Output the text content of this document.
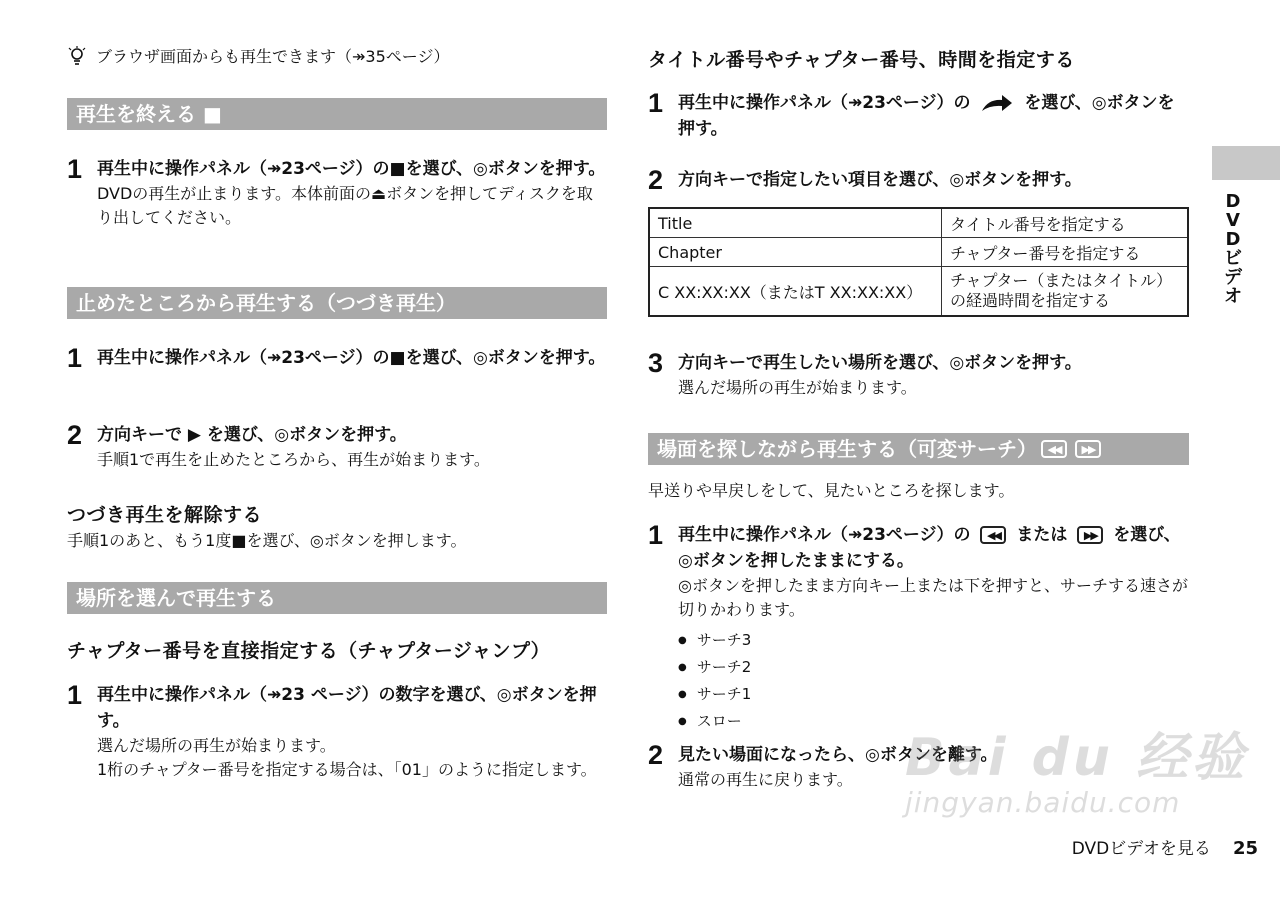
ブラウザ画面からも再生できます（↠35ページ）
再生を終える ■
1 再生中に操作パネル（↠23ページ）の■を選び、◎ボタンを押す。
DVDの再生が止まります。本体前面の⏏ボタンを押してディスクを取り出してください。
止めたところから再生する（つづき再生）
1 再生中に操作パネル（↠23ページ）の■を選び、◎ボタンを押す。
2 方向キーで ▶ を選び、◎ボタンを押す。
手順1で再生を止めたところから、再生が始まります。
つづき再生を解除する
手順1のあと、もう1度■を選び、◎ボタンを押します。
場所を選んで再生する
チャプター番号を直接指定する（チャプタージャンプ）
1 再生中に操作パネル（↠23 ページ）の数字を選び、◎ボタンを押す。
選んだ場所の再生が始まります。
1桁のチャプター番号を指定する場合は、「01」のように指定します。
タイトル番号やチャプター番号、時間を指定する
1 再生中に操作パネル（↠23ページ）の	を選び、◎ボタンを押す。
2 方向キーで指定したい項目を選び、◎ボタンを押す。
Title	タイトル番号を指定する
Chapter	チャプター番号を指定する
C XX:XX:XX（またはT XX:XX:XX）	チャプター（またはタイトル）の経過時間を指定する
3 方向キーで再生したい場所を選び、◎ボタンを押す。
選んだ場所の再生が始まります。
場面を探しながら再生する（可変サーチ） ◀◀	▶▶
早送りや早戻しをして、見たいところを探します。
1 再生中に操作パネル（↠23ページ）の ◀◀ または ▶▶ を選び、◎ボタンを押したままにする。
◎ボタンを押したまま方向キー上または下を押すと、サーチする速さが切りかわります。
● サーチ3
● サーチ2
● サーチ1
● スロー
2 見たい場面になったら、◎ボタンを離す。
通常の再生に戻ります。
D
V
D
ビ
デ
オ
Bai du 经验
jingyan.baidu.com
DVDビデオを見る 25
